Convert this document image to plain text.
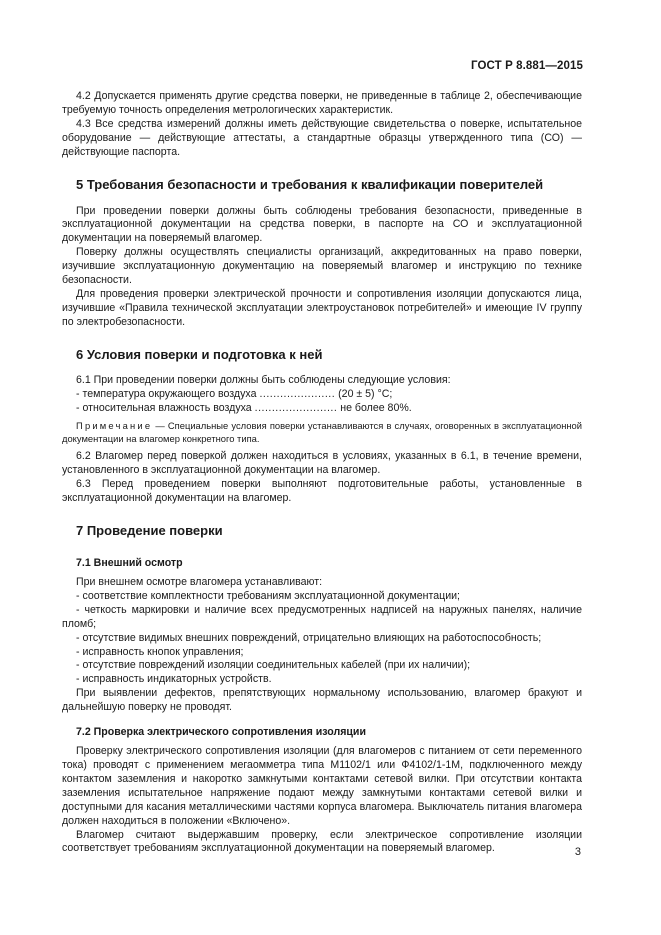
ГОСТ Р 8.881—2015

4.2 Допускается применять другие средства поверки, не приведенные в таблице 2, обеспечивающие требуемую точность определения метрологических характеристик.

4.3 Все средства измерений должны иметь действующие свидетельства о поверке, испытательное оборудование — действующие аттестаты, а стандартные образцы утвержденного типа (СО) — действующие паспорта.

5 Требования безопасности и требования к квалификации поверителей

При проведении поверки должны быть соблюдены требования безопасности, приведенные в эксплуатационной документации на средства поверки, в паспорте на СО и эксплуатационной документации на поверяемый влагомер.

Поверку должны осуществлять специалисты организаций, аккредитованных на право поверки, изучившие эксплуатационную документацию на поверяемый влагомер и инструкцию по технике безопасности.

Для проведения проверки электрической прочности и сопротивления изоляции допускаются лица, изучившие «Правила технической эксплуатации электроустановок потребителей» и имеющие IV группу по электробезопасности.

6 Условия поверки и подготовка к ней

6.1 При проведении поверки должны быть соблюдены следующие условия:

- температура окружающего воздуха ...................... (20 ± 5) °С;

- относительная влажность воздуха ........................ не более 80%.

Примечание — Специальные условия поверки устанавливаются в случаях, оговоренных в эксплуатационной документации на влагомер конкретного типа.

6.2 Влагомер перед поверкой должен находиться в условиях, указанных в 6.1, в течение времени, установленного в эксплуатационной документации на влагомер.

6.3 Перед проведением поверки выполняют подготовительные работы, установленные в эксплуатационной документации на влагомер.

7 Проведение поверки
7.1 Внешний осмотр

При внешнем осмотре влагомера устанавливают:

- соответствие комплектности требованиям эксплуатационной документации;

- четкость маркировки и наличие всех предусмотренных надписей на наружных панелях, наличие пломб;

- отсутствие видимых внешних повреждений, отрицательно влияющих на работоспособность;

- исправность кнопок управления;

- отсутствие повреждений изоляции соединительных кабелей (при их наличии);

- исправность индикаторных устройств.

При выявлении дефектов, препятствующих нормальному использованию, влагомер бракуют и дальнейшую поверку не проводят.

7.2 Проверка электрического сопротивления изоляции

Проверку электрического сопротивления изоляции (для влагомеров с питанием от сети переменного тока) проводят с применением мегаомметра типа М1102/1 или Ф4102/1-1М, подключенного между контактом заземления и накоротко замкнутыми контактами сетевой вилки. При отсутствии контакта заземления испытательное напряжение подают между замкнутыми контактами сетевой вилки и доступными для касания металлическими частями корпуса влагомера. Выключатель питания влагомера должен находиться в положении «Включено».

Влагомер считают выдержавшим проверку, если электрическое сопротивление изоляции соответствует требованиям эксплуатационной документации на поверяемый влагомер.	3
